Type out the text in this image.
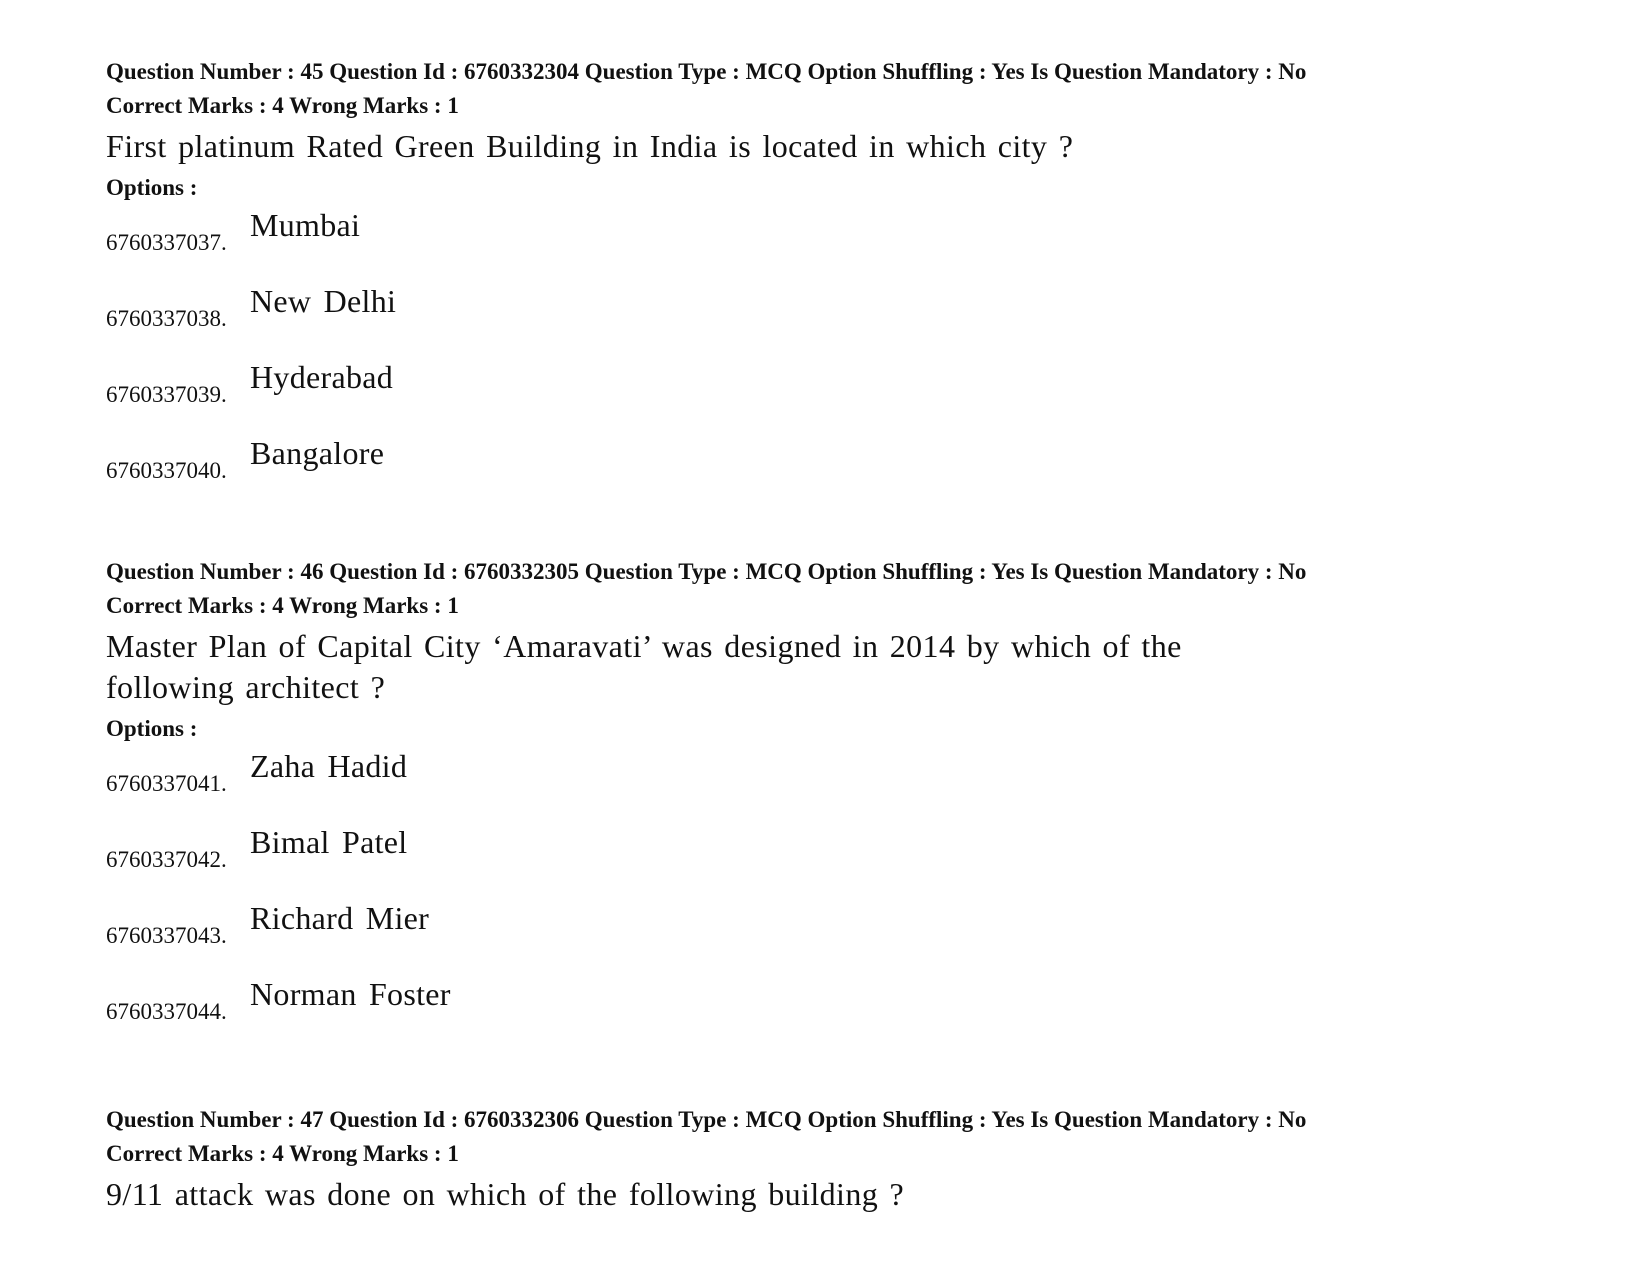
Question Number : 45 Question Id : 6760332304 Question Type : MCQ Option Shuffling : Yes Is Question Mandatory : No
Correct Marks : 4 Wrong Marks : 1
First platinum Rated Green Building in India is located in which city ?
Options :
6760337037. Mumbai
6760337038. New Delhi
6760337039. Hyderabad
6760337040. Bangalore
Question Number : 46 Question Id : 6760332305 Question Type : MCQ Option Shuffling : Yes Is Question Mandatory : No
Correct Marks : 4 Wrong Marks : 1
Master Plan of Capital City ‘Amaravati’ was designed in 2014 by which of the
following architect ?
Options :
6760337041. Zaha Hadid
6760337042. Bimal Patel
6760337043. Richard Mier
6760337044. Norman Foster
Question Number : 47 Question Id : 6760332306 Question Type : MCQ Option Shuffling : Yes Is Question Mandatory : No
Correct Marks : 4 Wrong Marks : 1
9/11 attack was done on which of the following building ?
